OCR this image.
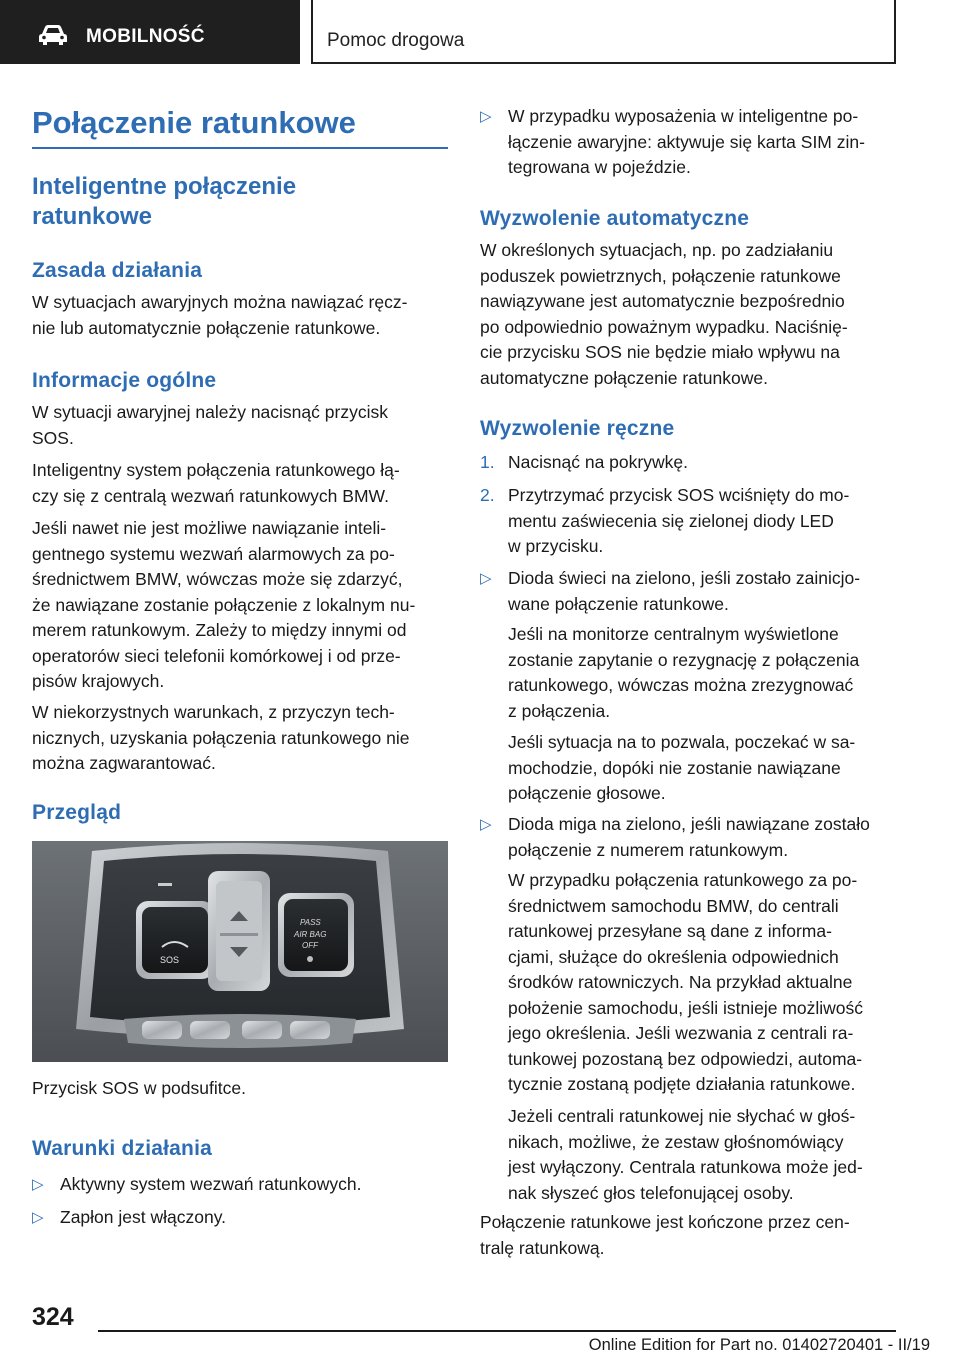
MOBILNOŚĆ	Pomoc drogowa
Połączenie ratunkowe
Inteligentne połączenie
ratunkowe
Zasada działania
W sytuacjach awaryjnych można nawiązać ręcz-
nie lub automatycznie połączenie ratunkowe.
Informacje ogólne
W sytuacji awaryjnej należy nacisnąć przycisk
SOS.
Inteligentny system połączenia ratunkowego łą-
czy się z centralą wezwań ratunkowych BMW.
Jeśli nawet nie jest możliwe nawiązanie inteli-
gentnego systemu wezwań alarmowych za po-
średnictwem BMW, wówczas może się zdarzyć,
że nawiązane zostanie połączenie z lokalnym nu-
merem ratunkowym. Zależy to między innymi od
operatorów sieci telefonii komórkowej i od prze-
pisów krajowych.
W niekorzystnych warunkach, z przyczyn tech-
nicznych, uzyskania połączenia ratunkowego nie
można zagwarantować.
Przegląd
SOS
PASS
AIR BAG
OFF
Przycisk SOS w podsufitce.
Warunki działania
▷ Aktywny system wezwań ratunkowych.
▷ Zapłon jest włączony.
▷ W przypadku wyposażenia w inteligentne po-
łączenie awaryjne: aktywuje się karta SIM zin-
tegrowana w pojeździe.
Wyzwolenie automatyczne
W określonych sytuacjach, np. po zadziałaniu
poduszek powietrznych, połączenie ratunkowe
nawiązywane jest automatycznie bezpośrednio
po odpowiednio poważnym wypadku. Naciśnię-
cie przycisku SOS nie będzie miało wpływu na
automatyczne połączenie ratunkowe.
Wyzwolenie ręczne
1. Nacisnąć na pokrywkę.
2. Przytrzymać przycisk SOS wciśnięty do mo-
mentu zaświecenia się zielonej diody LED
w przycisku.
▷ Dioda świeci na zielono, jeśli zostało zainicjo-
wane połączenie ratunkowe.
Jeśli na monitorze centralnym wyświetlone
zostanie zapytanie o rezygnację z połączenia
ratunkowego, wówczas można zrezygnować
z połączenia.
Jeśli sytuacja na to pozwala, poczekać w sa-
mochodzie, dopóki nie zostanie nawiązane
połączenie głosowe.
▷ Dioda miga na zielono, jeśli nawiązane zostało
połączenie z numerem ratunkowym.
W przypadku połączenia ratunkowego za po-
średnictwem samochodu BMW, do centrali
ratunkowej przesyłane są dane z informa-
cjami, służące do określenia odpowiednich
środków ratowniczych. Na przykład aktualne
położenie samochodu, jeśli istnieje możliwość
jego określenia. Jeśli wezwania z centrali ra-
tunkowej pozostaną bez odpowiedzi, automa-
tycznie zostaną podjęte działania ratunkowe.
Jeżeli centrali ratunkowej nie słychać w głoś-
nikach, możliwe, że zestaw głośnomówiący
jest wyłączony. Centrala ratunkowa może jed-
nak słyszeć głos telefonującej osoby.
Połączenie ratunkowe jest kończone przez cen-
tralę ratunkową.
324
Online Edition for Part no. 01402720401 - II/19
